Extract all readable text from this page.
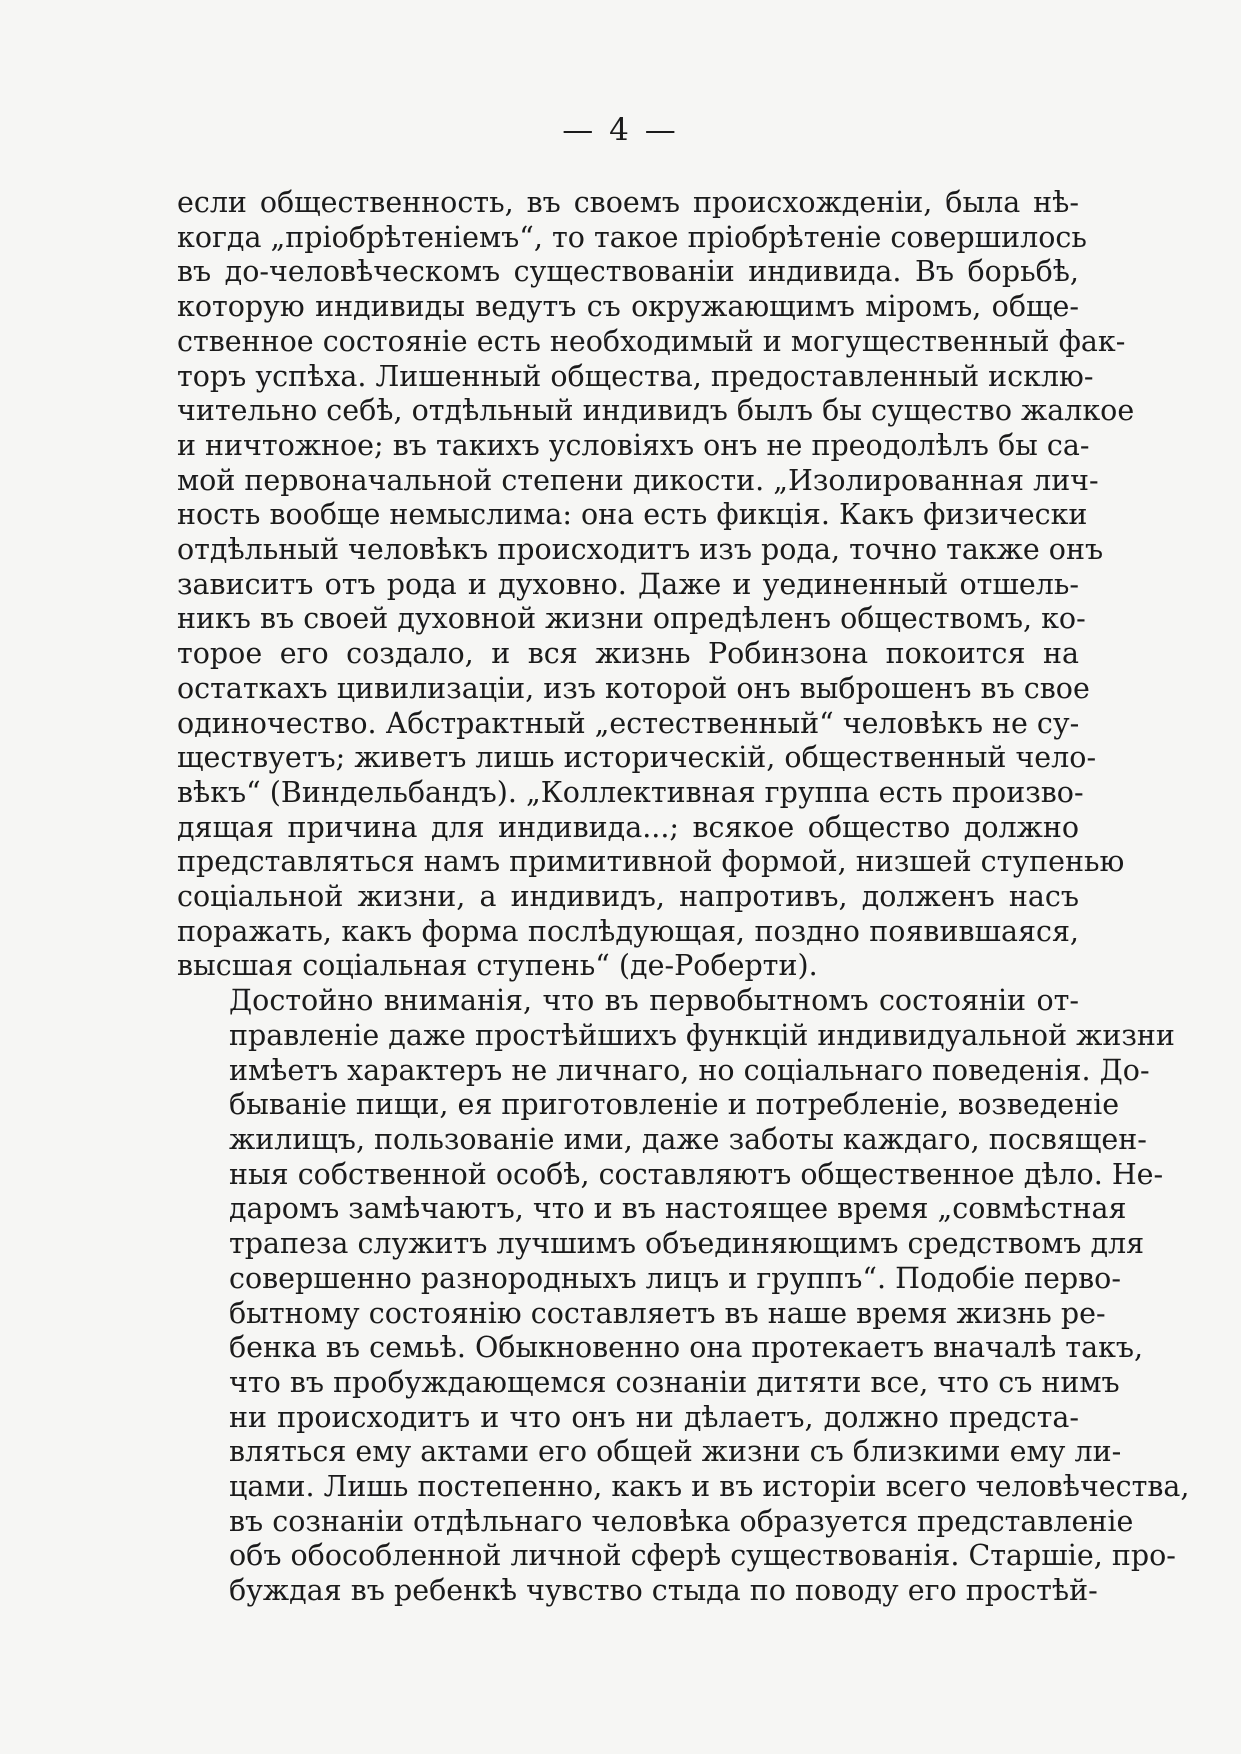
— 4 —
если общественность, въ своемъ происхожденіи, была нѣ-
когда „пріобрѣтеніемъ“, то такое пріобрѣтеніе совершилось
въ до-человѣческомъ существованіи индивида. Въ борьбѣ,
которую индивиды ведутъ съ окружающимъ міромъ, обще-
ственное состояніе есть необходимый и могущественный фак-
торъ успѣха. Лишенный общества, предоставленный исклю-
чительно себѣ, отдѣльный индивидъ былъ бы существо жалкое
и ничтожное; въ такихъ условіяхъ онъ не преодолѣлъ бы са-
мой первоначальной степени дикости. „Изолированная лич-
ность вообще немыслима: она есть фикція. Какъ физически
отдѣльный человѣкъ происходитъ изъ рода, точно также онъ
зависитъ отъ рода и духовно. Даже и уединенный отшель-
никъ въ своей духовной жизни опредѣленъ обществомъ, ко-
торое его создало, и вся жизнь Робинзона покоится на
остаткахъ цивилизаціи, изъ которой онъ выброшенъ въ свое
одиночество. Абстрактный „естественный“ человѣкъ не су-
ществуетъ; живетъ лишь историческій, общественный чело-
вѣкъ“ (Виндельбандъ). „Коллективная группа есть произво-
дящая причина для индивида...; всякое общество должно
представляться намъ примитивной формой, низшей ступенью
соціальной жизни, а индивидъ, напротивъ, долженъ насъ
поражать, какъ форма послѣдующая, поздно появившаяся,
высшая соціальная ступень“ (де-Роберти).
Достойно вниманія, что въ первобытномъ состояніи от-
правленіе даже простѣйшихъ функцій индивидуальной жизни
имѣетъ характеръ не личнаго, но соціальнаго поведенія. До-
бываніе пищи, ея приготовленіе и потребленіе, возведеніе
жилищъ, пользованіе ими, даже заботы каждаго, посвящен-
ныя собственной особѣ, составляютъ общественное дѣло. Не-
даромъ замѣчаютъ, что и въ настоящее время „совмѣстная
трапеза служитъ лучшимъ объединяющимъ средствомъ для
совершенно разнородныхъ лицъ и группъ“. Подобіе перво-
бытному состоянію составляетъ въ наше время жизнь ре-
бенка въ семьѣ. Обыкновенно она протекаетъ вначалѣ такъ,
что въ пробуждающемся сознаніи дитяти все, что съ нимъ
ни происходитъ и что онъ ни дѣлаетъ, должно предста-
вляться ему актами его общей жизни съ близкими ему ли-
цами. Лишь постепенно, какъ и въ исторіи всего человѣчества,
въ сознаніи отдѣльнаго человѣка образуется представленіе
объ обособленной личной сферѣ существованія. Старшіе, про-
буждая въ ребенкѣ чувство стыда по поводу его простѣй-
